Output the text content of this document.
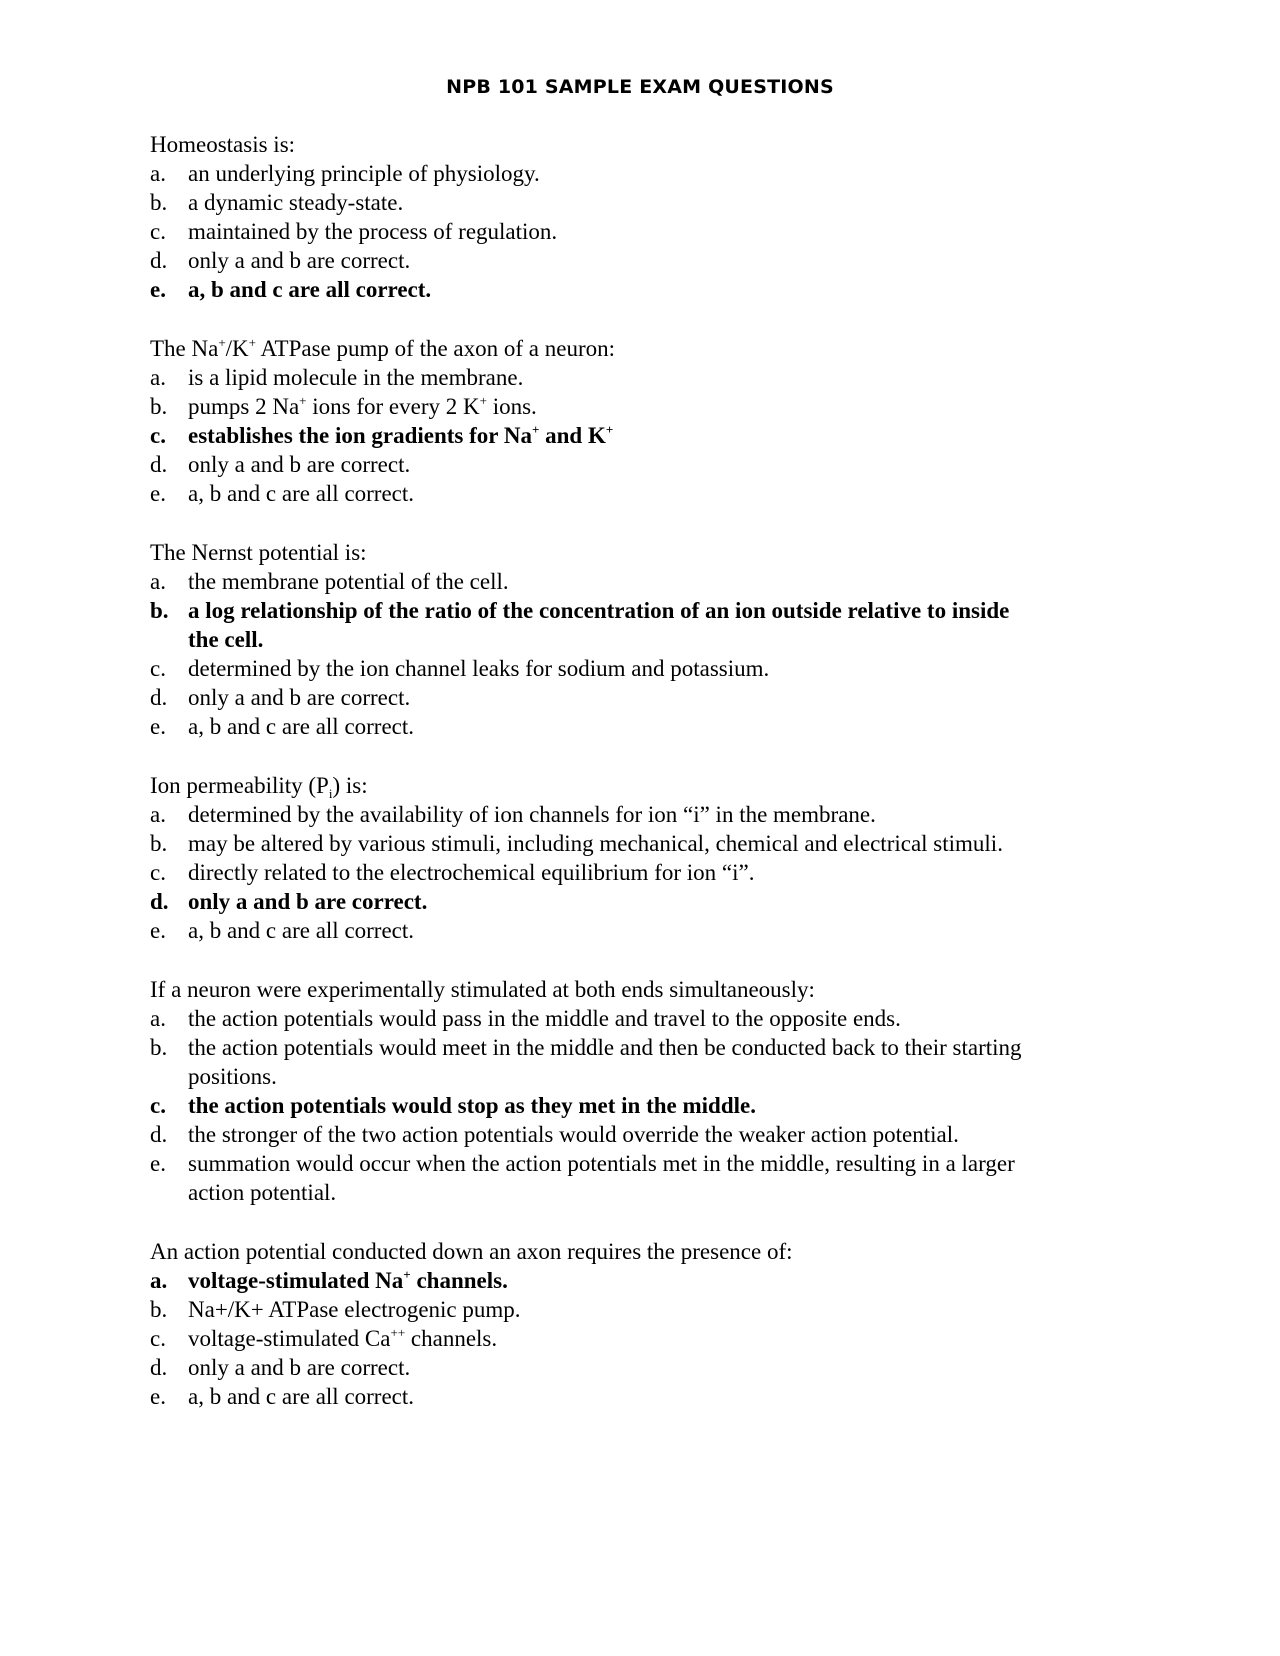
NPB 101 SAMPLE EXAM QUESTIONS

Homeostasis is:

a. an underlying principle of physiology.
b. a dynamic steady-state.
c. maintained by the process of regulation.
d. only a and b are correct.
e. a, b and c are all correct.

The Na+/K+ ATPase pump of the axon of a neuron:

a. is a lipid molecule in the membrane.
b. pumps 2 Na+ ions for every 2 K+ ions.
c. establishes the ion gradients for Na+ and K+
d. only a and b are correct.
e. a, b and c are all correct.

The Nernst potential is:

a. the membrane potential of the cell.
b. a log relationship of the ratio of the concentration of an ion outside relative to inside the cell.
c. determined by the ion channel leaks for sodium and potassium.
d. only a and b are correct.
e. a, b and c are all correct.

Ion permeability $(P_i)$ is:

a. determined by the availability of ion channels for ion “i” in the membrane.
b. may be altered by various stimuli, including mechanical, chemical and electrical stimuli.
c. directly related to the electrochemical equilibrium for ion “i”.
d. only a and b are correct.
e. a, b and c are all correct.

If a neuron were experimentally stimulated at both ends simultaneously:

a. the action potentials would pass in the middle and travel to the opposite ends.
b. the action potentials would meet in the middle and then be conducted back to their starting positions.
c. the action potentials would stop as they met in the middle.
d. the stronger of the two action potentials would override the weaker action potential.
e. summation would occur when the action potentials met in the middle, resulting in a larger action potential.

An action potential conducted down an axon requires the presence of:

a. voltage-stimulated Na+ channels.
b. Na+/K+ ATPase electrogenic pump.
c. voltage-stimulated Ca++ channels.
d. only a and b are correct.
e. a, b and c are all correct.
